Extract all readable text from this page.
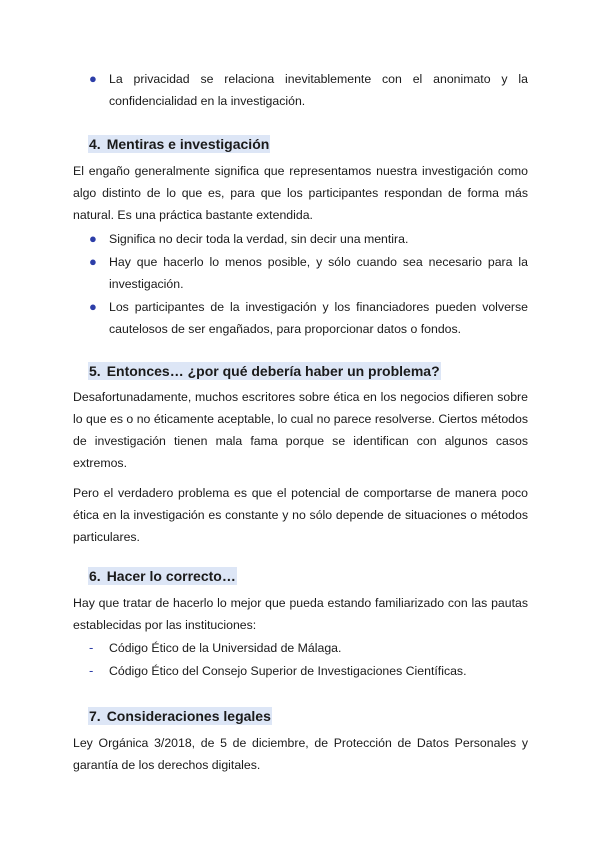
● La privacidad se relaciona inevitablemente con el anonimato y la confidencialidad en la investigación.
4. Mentiras e investigación

El engaño generalmente significa que representamos nuestra investigación como algo distinto de lo que es, para que los participantes respondan de forma más natural. Es una práctica bastante extendida.

● Significa no decir toda la verdad, sin decir una mentira.
● Hay que hacerlo lo menos posible, y sólo cuando sea necesario para la investigación.
● Los participantes de la investigación y los financiadores pueden volverse cautelosos de ser engañados, para proporcionar datos o fondos.
5. Entonces… ¿por qué debería haber un problema?

Desafortunadamente, muchos escritores sobre ética en los negocios difieren sobre lo que es o no éticamente aceptable, lo cual no parece resolverse. Ciertos métodos de investigación tienen mala fama porque se identifican con algunos casos extremos.

Pero el verdadero problema es que el potencial de comportarse de manera poco ética en la investigación es constante y no sólo depende de situaciones o métodos particulares.

6. Hacer lo correcto…

Hay que tratar de hacerlo lo mejor que pueda estando familiarizado con las pautas establecidas por las instituciones:

- Código Ético de la Universidad de Málaga.
- Código Ético del Consejo Superior de Investigaciones Científicas.
7. Consideraciones legales

Ley Orgánica 3/2018, de 5 de diciembre, de Protección de Datos Personales y garantía de los derechos digitales.
